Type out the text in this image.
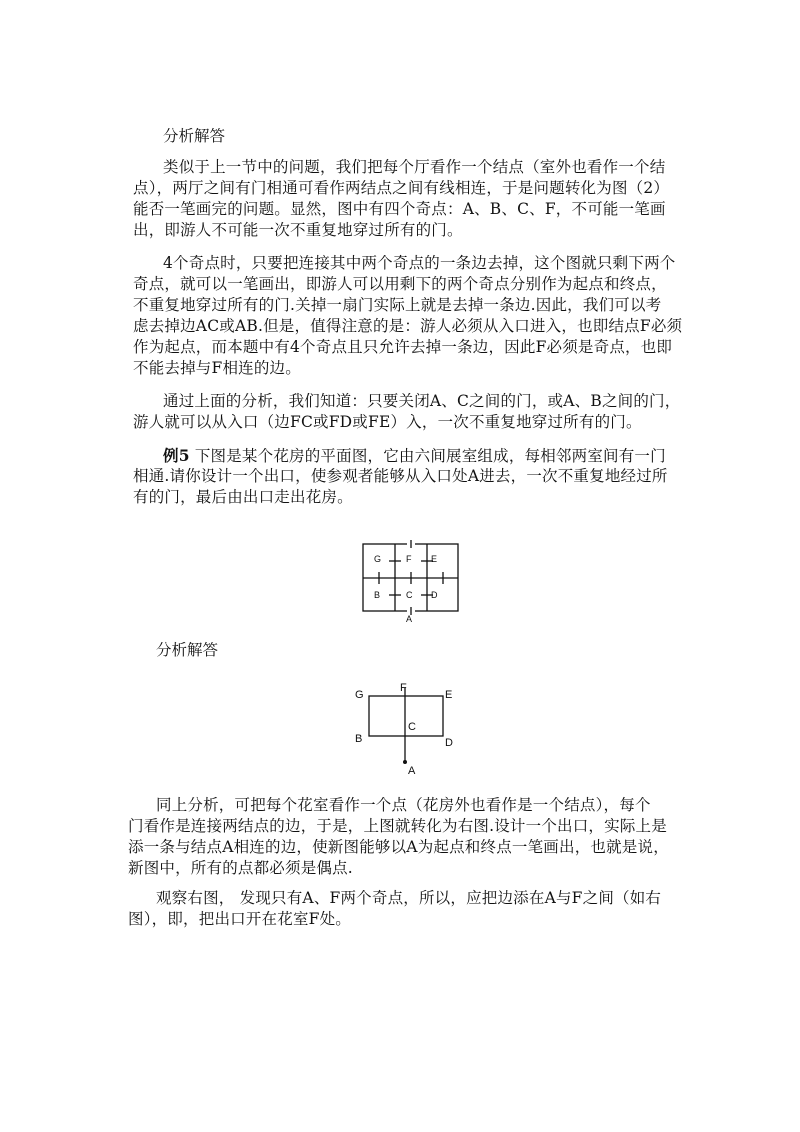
分析解答
类似于上一节中的问题，我们把每个厅看作一个结点（室外也看作一个结
点），两厅之间有门相通可看作两结点之间有线相连，于是问题转化为图（2）
能否一笔画完的问题。显然，图中有四个奇点：A、B、C、F，不可能一笔画
出，即游人不可能一次不重复地穿过所有的门。
4个奇点时，只要把连接其中两个奇点的一条边去掉，这个图就只剩下两个
奇点，就可以一笔画出，即游人可以用剩下的两个奇点分别作为起点和终点，
不重复地穿过所有的门.关掉一扇门实际上就是去掉一条边.因此，我们可以考
虑去掉边AC或AB.但是，值得注意的是：游人必须从入口进入，也即结点F必须
作为起点，而本题中有4个奇点且只允许去掉一条边，因此F必须是奇点，也即
不能去掉与F相连的边。
通过上面的分析，我们知道：只要关闭A、C之间的门，或A、B之间的门，
游人就可以从入口（边FC或FD或FE）入，一次不重复地穿过所有的门。
例5 下图是某个花房的平面图，它由六间展室组成，每相邻两室间有一门
相通.请你设计一个出口，使参观者能够从入口处A进去，一次不重复地经过所
有的门，最后由出口走出花房。
G	F E
B	C D
A
分析解答
G
F
E
B
C
D
A
同上分析，可把每个花室看作一个点（花房外也看作是一个结点），每个
门看作是连接两结点的边，于是，上图就转化为右图.设计一个出口，实际上是
添一条与结点A相连的边，使新图能够以A为起点和终点一笔画出，也就是说，
新图中，所有的点都必须是偶点.
观察右图， 发现只有A、F两个奇点，所以，应把边添在A与F之间（如右
图），即，把出口开在花室F处。
